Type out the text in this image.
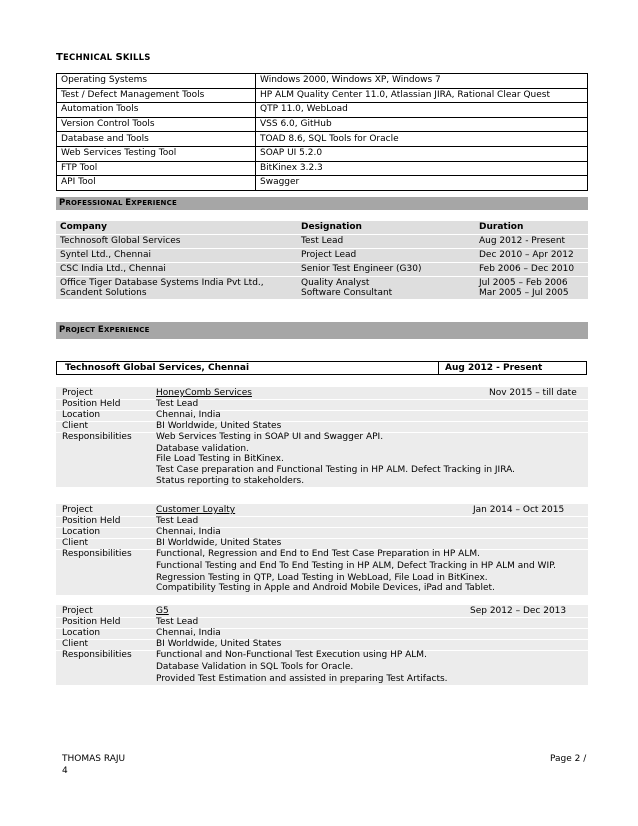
TECHNICAL SKILLS
Operating Systems	Windows 2000, Windows XP, Windows 7
Test / Defect Management Tools	HP ALM Quality Center 11.0, Atlassian JIRA, Rational Clear Quest
Automation Tools	QTP 11.0, WebLoad
Version Control Tools	VSS 6.0, GitHub
Database and Tools	TOAD 8.6, SQL Tools for Oracle
Web Services Testing Tool	SOAP UI 5.2.0
FTP Tool	BitKinex 3.2.3
API Tool	Swagger
PROFESSIONAL EXPERIENCE
Company	Designation	Duration
Technosoft Global Services	Test Lead	Aug 2012 - Present
Syntel Ltd., Chennai	Project Lead	Dec 2010 – Apr 2012
CSC India Ltd., Chennai	Senior Test Engineer (G30)	Feb 2006 – Dec 2010
Office Tiger Database Systems India Pvt Ltd.,	Quality Analyst	Jul 2005 – Feb 2006
Scandent Solutions	Software Consultant	Mar 2005 – Jul 2005
PROJECT EXPERIENCE
Technosoft Global Services, Chennai	Aug 2012 - Present
Project	HoneyComb Services	Nov 2015 – till date
Position Held	Test Lead
Location	Chennai, India
Client	BI Worldwide, United States
Responsibilities	Web Services Testing in SOAP UI and Swagger API.
Database validation.
File Load Testing in BitKinex.
Test Case preparation and Functional Testing in HP ALM. Defect Tracking in JIRA.
Status reporting to stakeholders.
Project	Customer Loyalty	Jan 2014 – Oct 2015
Position Held	Test Lead
Location	Chennai, India
Client	BI Worldwide, United States
Responsibilities	Functional, Regression and End to End Test Case Preparation in HP ALM.
Functional Testing and End To End Testing in HP ALM, Defect Tracking in HP ALM and WIP.
Regression Testing in QTP, Load Testing in WebLoad, File Load in BitKinex.
Compatibility Testing in Apple and Android Mobile Devices, iPad and Tablet.
Project	G5	Sep 2012 – Dec 2013
Position Held	Test Lead
Location	Chennai, India
Client	BI Worldwide, United States
Responsibilities	Functional and Non-Functional Test Execution using HP ALM.
Database Validation in SQL Tools for Oracle.
Provided Test Estimation and assisted in preparing Test Artifacts.
THOMAS RAJU
4
Page 2 /
